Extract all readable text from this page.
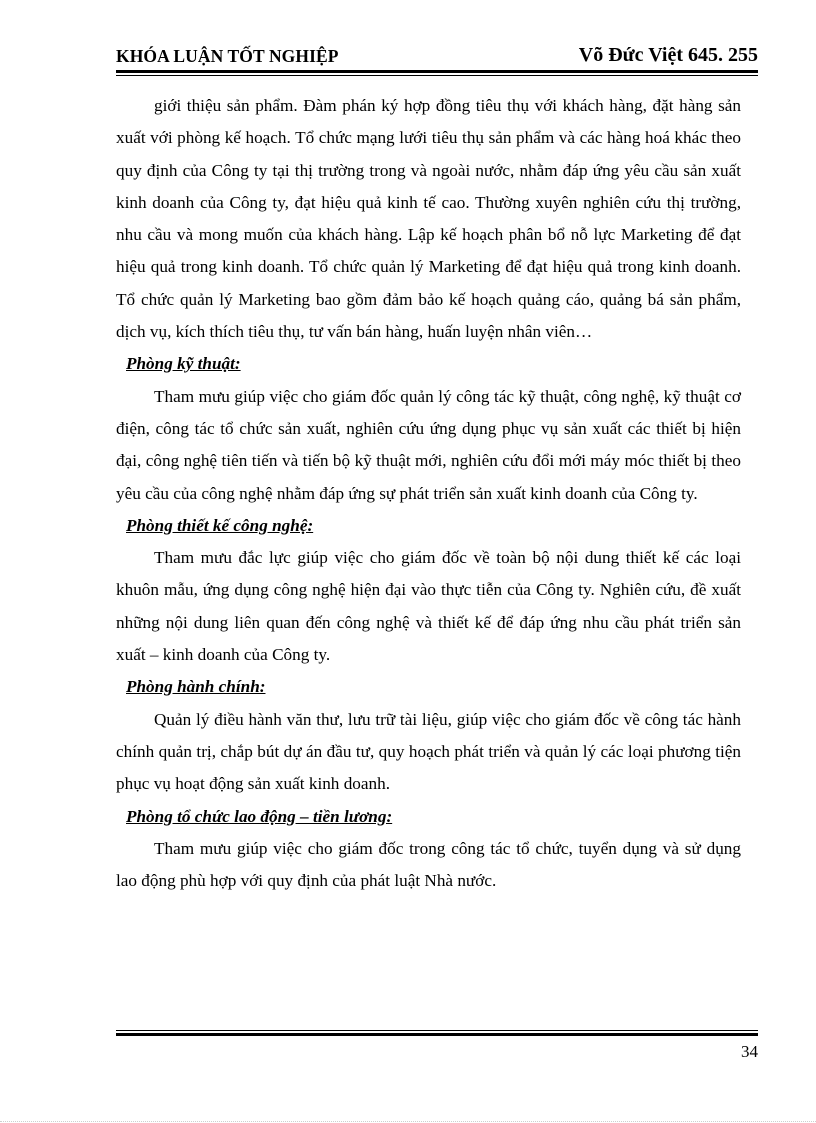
KHÓA LUẬN TỐT NGHIỆP	Võ Đức Việt 645. 255

giới thiệu sản phẩm. Đàm phán ký hợp đồng tiêu thụ với khách hàng, đặt hàng sản xuất với phòng kế hoạch. Tổ chức mạng lưới tiêu thụ sản phẩm và các hàng hoá khác theo quy định của Công ty tại thị trường trong và ngoài nước, nhằm đáp ứng yêu cầu sản xuất kinh doanh của Công ty, đạt hiệu quả kinh tế cao. Thường xuyên nghiên cứu thị trường, nhu cầu và mong muốn của khách hàng. Lập kế hoạch phân bổ nỗ lực Marketing để đạt hiệu quả trong kinh doanh. Tổ chức quản lý Marketing để đạt hiệu quả trong kinh doanh. Tổ chức quản lý Marketing bao gồm đảm bảo kế hoạch quảng cáo, quảng bá sản phẩm, dịch vụ, kích thích tiêu thụ, tư vấn bán hàng, huấn luyện nhân viên…

Phòng kỹ thuật:

Tham mưu giúp việc cho giám đốc quản lý công tác kỹ thuật, công nghệ, kỹ thuật cơ điện, công tác tổ chức sản xuất, nghiên cứu ứng dụng phục vụ sản xuất các thiết bị hiện đại, công nghệ tiên tiến và tiến bộ kỹ thuật mới, nghiên cứu đổi mới máy móc thiết bị theo yêu cầu của công nghệ nhằm đáp ứng sự phát triển sản xuất kinh doanh của Công ty.

Phòng thiết kế công nghệ:

Tham mưu đắc lực giúp việc cho giám đốc về toàn bộ nội dung thiết kế các loại khuôn mẫu, ứng dụng công nghệ hiện đại vào thực tiễn của Công ty. Nghiên cứu, đề xuất những nội dung liên quan đến công nghệ và thiết kế để đáp ứng nhu cầu phát triển sản xuất – kinh doanh của Công ty.

Phòng hành chính:

Quản lý điều hành văn thư, lưu trữ tài liệu, giúp việc cho giám đốc về công tác hành chính quản trị, chắp bút dự án đầu tư, quy hoạch phát triển và quản lý các loại phương tiện phục vụ hoạt động sản xuất kinh doanh.

Phòng tổ chức lao động – tiền lương:

Tham mưu giúp việc cho giám đốc trong công tác tổ chức, tuyển dụng và sử dụng lao động phù hợp với quy định của phát luật Nhà nước.

34
